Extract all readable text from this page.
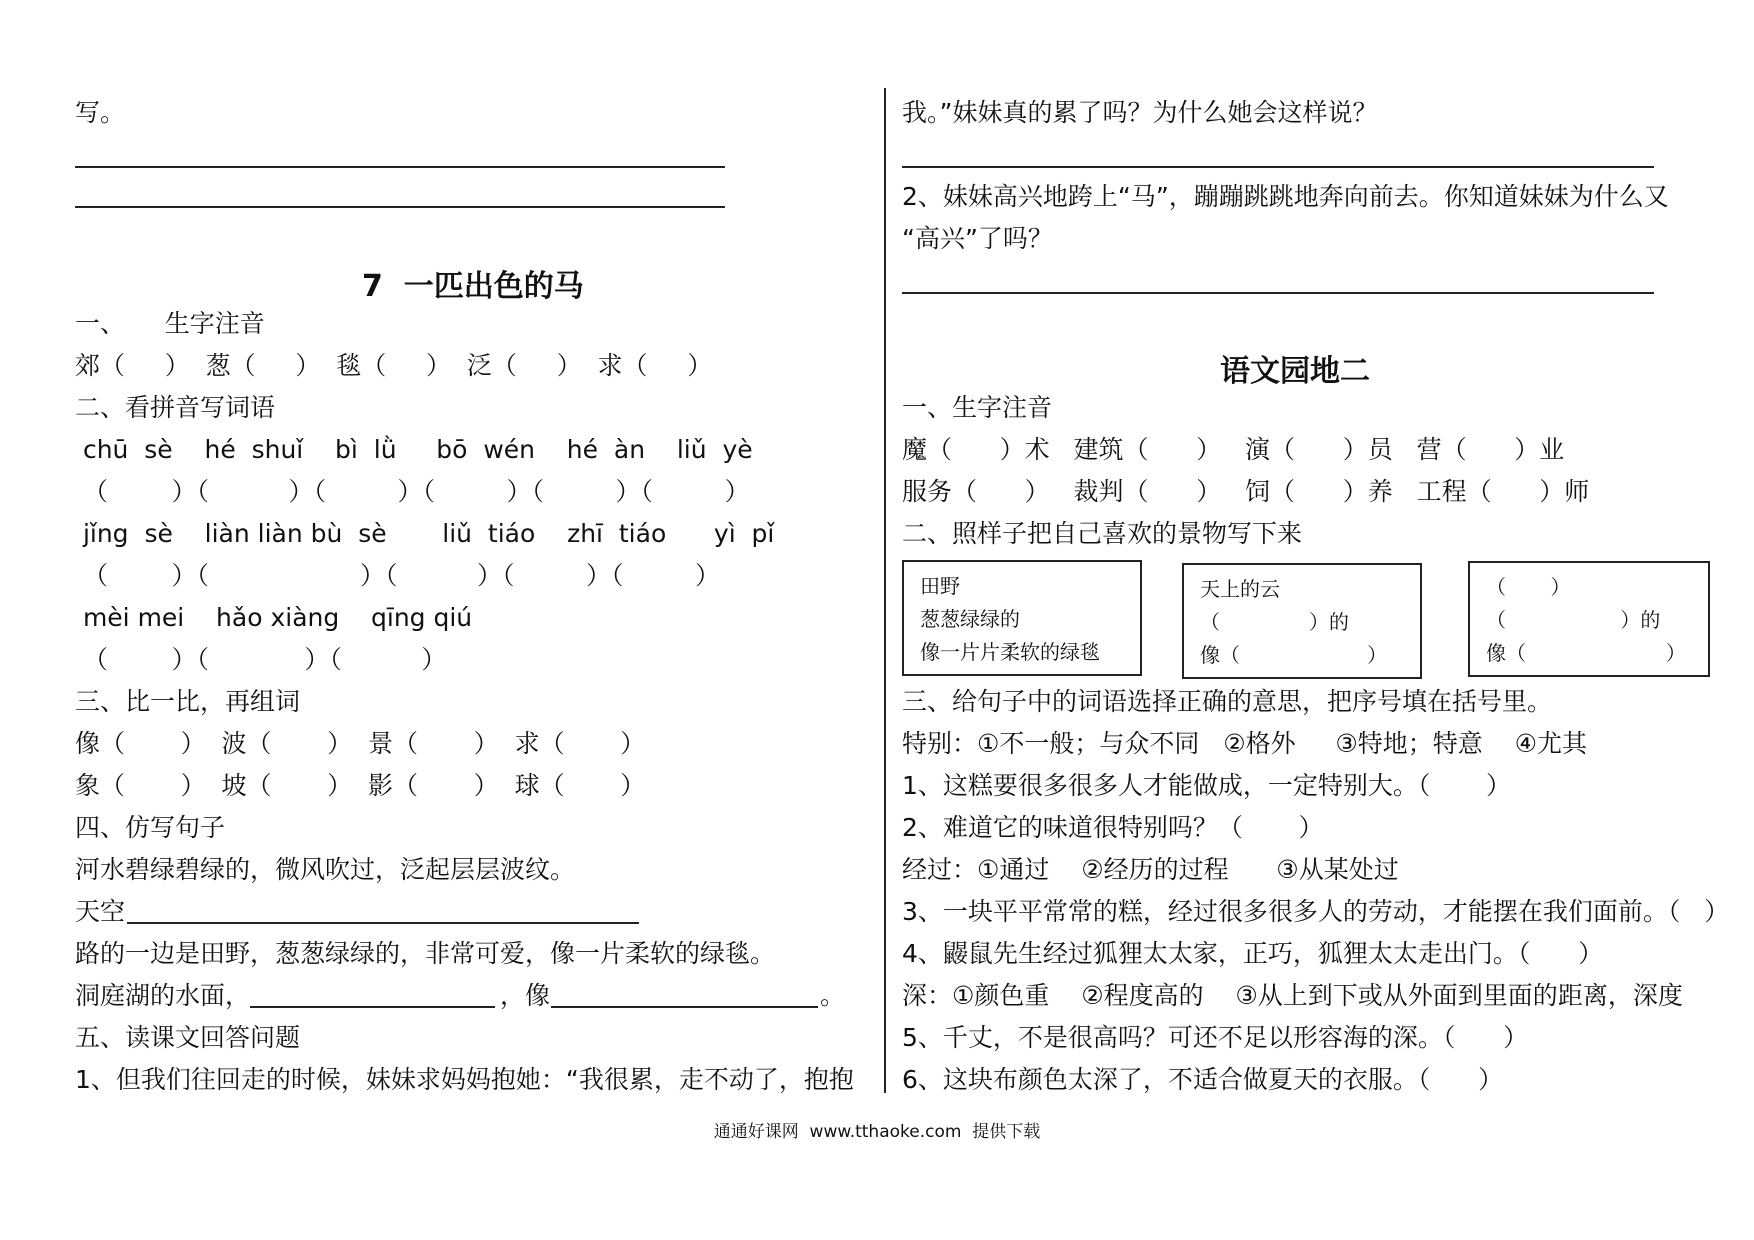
写。
7  一匹出色的马
一、     生字注音
郊（     ）  葱（     ）  毯（     ）  泛（     ）  求（     ）
二、看拼音写词语
chū  sè    hé  shuǐ    bì  lǜ     bō  wén    hé  àn    liǔ  yè
（        ）（          ）（         ）（         ）（         ）（         ）
jǐng  sè    liàn liàn bù  sè       liǔ  tiáo    zhī  tiáo      yì  pǐ
（        ）（                   ）（          ）（         ）（         ）
mèi mei    hǎo xiàng    qīng qiú
（        ）（            ）（          ）
三、比一比，再组词
像（       ）  波（       ）  景（       ）  求（       ）
象（       ）  坡（       ）  影（       ）  球（       ）
四、仿写句子
河水碧绿碧绿的，微风吹过，泛起层层波纹。
天空
路的一边是田野，葱葱绿绿的，非常可爱，像一片柔软的绿毯。
洞庭湖的水面，	，像	。
五、读课文回答问题
1、但我们往回走的时候，妹妹求妈妈抱她：“我很累，走不动了，抱抱
我。”妹妹真的累了吗？为什么她会这样说？
2、妹妹高兴地跨上“马”，蹦蹦跳跳地奔向前去。你知道妹妹为什么又
“高兴”了吗？
语文园地二
一、生字注音
魔（      ）术   建筑（      ）   演（      ）员   营（      ）业
服务（      ）   裁判（      ）   饲（      ）养   工程（      ）师
二、照样子把自己喜欢的景物写下来
田野
葱葱绿绿的
像一片片柔软的绿毯
天上的云
（              ）的
像（                    ）
（       ）
（                  ）的
像（                      ）
三、给句子中的词语选择正确的意思，把序号填在括号里。
特别：①不一般；与众不同   ②格外     ③特地；特意    ④尤其
1、这糕要很多很多人才能做成，一定特别大。（       ）
2、难道它的味道很特别吗？（       ）
经过：①通过    ②经历的过程      ③从某处过
3、一块平平常常的糕，经过很多很多人的劳动，才能摆在我们面前。（   ）
4、鼹鼠先生经过狐狸太太家，正巧，狐狸太太走出门。（      ）
深：①颜色重    ②程度高的    ③从上到下或从外面到里面的距离，深度
5、千丈，不是很高吗？可还不足以形容海的深。（      ）
6、这块布颜色太深了，不适合做夏天的衣服。（      ）
通通好课网  www.tthaoke.com  提供下载
